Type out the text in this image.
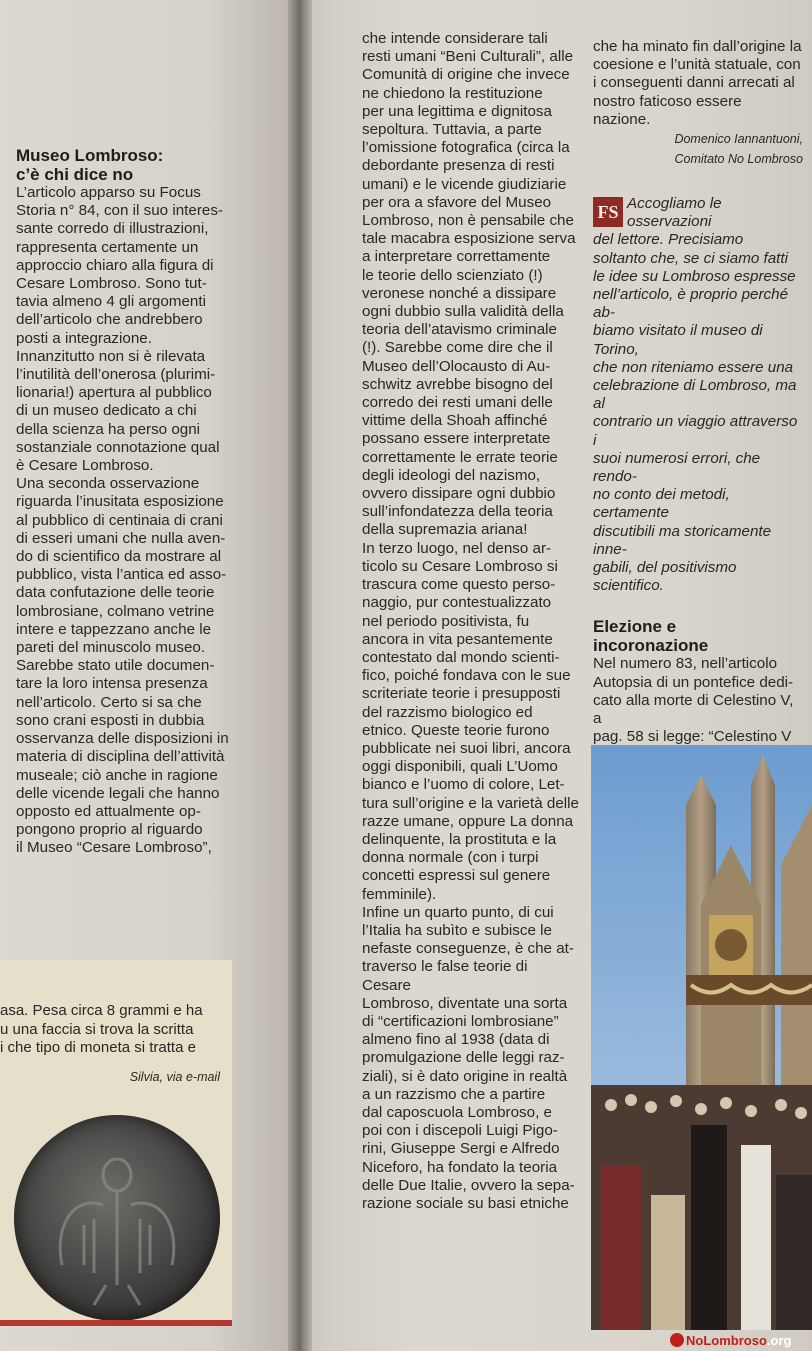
Museo Lombroso:

c’è chi dice no

L’articolo apparso su Focus
Storia n° 84, con il suo interes-
sante corredo di illustrazioni,
rappresenta certamente un
approccio chiaro alla figura di
Cesare Lombroso. Sono tut-
tavia almeno 4 gli argomenti
dell’articolo che andrebbero
posti a integrazione.
Innanzitutto non si è rilevata
l’inutilità dell’onerosa (plurimi-
lionaria!) apertura al pubblico
di un museo dedicato a chi
della scienza ha perso ogni
sostanziale connotazione qual
è Cesare Lombroso.
Una seconda osservazione
riguarda l’inusitata esposizione
al pubblico di centinaia di crani
di esseri umani che nulla aven-
do di scientifico da mostrare al
pubblico, vista l’antica ed asso-
data confutazione delle teorie
lombrosiane, colmano vetrine
intere e tappezzano anche le
pareti del minuscolo museo.
Sarebbe stato utile documen-
tare la loro intensa presenza
nell’articolo. Certo si sa che
sono crani esposti in dubbia
osservanza delle disposizioni in
materia di disciplina dell’attività
museale; ciò anche in ragione
delle vicende legali che hanno
opposto ed attualmente op-
pongono proprio al riguardo
il Museo “Cesare Lombroso”,
asa. Pesa circa 8 grammi e ha
u una faccia si trova la scritta
i che tipo di moneta si tratta e
Silvia, via e-mail
che intende considerare tali
resti umani “Beni Culturali”, alle
Comunità di origine che invece
ne chiedono la restituzione
per una legittima e dignitosa
sepoltura. Tuttavia, a parte
l’omissione fotografica (circa la
debordante presenza di resti
umani) e le vicende giudiziarie
per ora a sfavore del Museo
Lombroso, non è pensabile che
tale macabra esposizione serva
a interpretare correttamente
le teorie dello scienziato (!)
veronese nonché a dissipare
ogni dubbio sulla validità della
teoria dell’atavismo criminale
(!). Sarebbe come dire che il
Museo dell’Olocausto di Au-
schwitz avrebbe bisogno del
corredo dei resti umani delle
vittime della Shoah affinché
possano essere interpretate
correttamente le errate teorie
degli ideologi del nazismo,
ovvero dissipare ogni dubbio
sull’infondatezza della teoria
della supremazia ariana!
In terzo luogo, nel denso ar-
ticolo su Cesare Lombroso si
trascura come questo perso-
naggio, pur contestualizzato
nel periodo positivista, fu
ancora in vita pesantemente
contestato dal mondo scienti-
fico, poiché fondava con le sue
scriteriate teorie i presupposti
del razzismo biologico ed
etnico. Queste teorie furono
pubblicate nei suoi libri, ancora
oggi disponibili, quali L’Uomo
bianco e l’uomo di colore, Let-
tura sull’origine e la varietà delle
razze umane, oppure La donna
delinquente, la prostituta e la
donna normale (con i turpi
concetti espressi sul genere
femminile).
Infine un quarto punto, di cui
l’Italia ha subìto e subisce le
nefaste conseguenze, è che at-
traverso le false teorie di Cesare
Lombroso, diventate una sorta
di “certificazioni lombrosiane”
almeno fino al 1938 (data di
promulgazione delle leggi raz-
ziali), si è dato origine in realtà
a un razzismo che a partire
dal caposcuola Lombroso, e
poi con i discepoli Luigi Pigo-
rini, Giuseppe Sergi e Alfredo
Niceforo, ha fondato la teoria
delle Due Italie, ovvero la sepa-
razione sociale su basi etniche
che ha minato fin dall’origine la
coesione e l’unità statuale, con
i conseguenti danni arrecati al
nostro faticoso essere nazione.
Domenico Iannantuoni,
Comitato No Lombroso
FS Accogliamo le osservazioni
del lettore. Precisiamo
soltanto che, se ci siamo fatti
le idee su Lombroso espresse
nell’articolo, è proprio perché ab-
biamo visitato il museo di Torino,
che non riteniamo essere una
celebrazione di Lombroso, ma al
contrario un viaggio attraverso i
suoi numerosi errori, che rendo-
no conto dei metodi, certamente
discutibili ma storicamente inne-
gabili, del positivismo scientifico.

Elezione e

incoronazione

Nel numero 83, nell’articolo
Autopsia di un pontefice dedi-
cato alla morte di Celestino V, a
pag. 58 si legge: “Celestino V
NoLombroso.org
